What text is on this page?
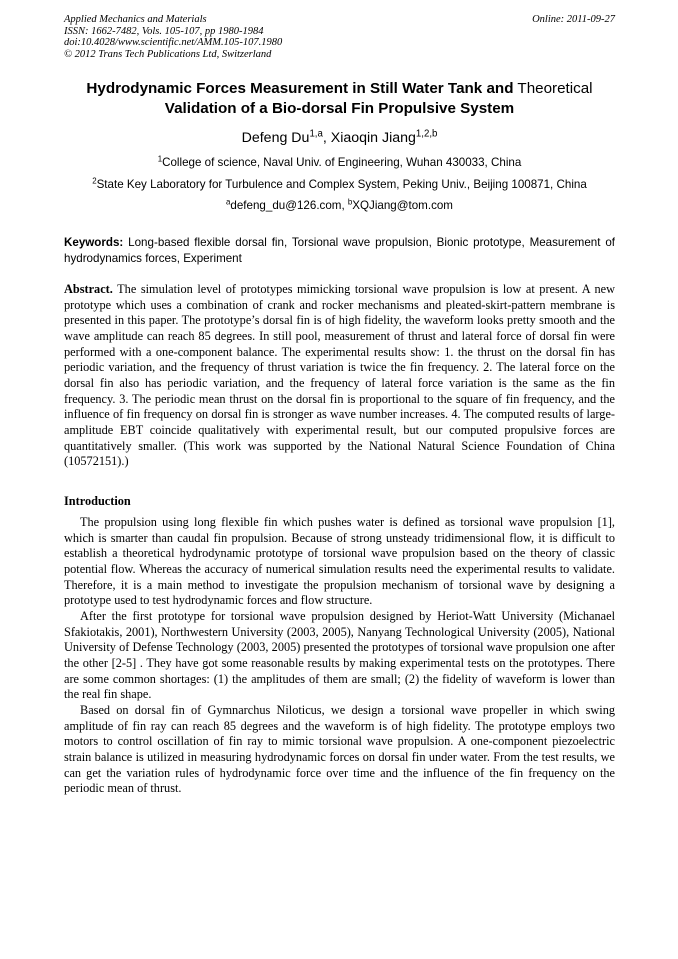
Applied Mechanics and Materials
ISSN: 1662-7482, Vols. 105-107, pp 1980-1984
doi:10.4028/www.scientific.net/AMM.105-107.1980
© 2012 Trans Tech Publications Ltd, Switzerland
Online: 2011-09-27
Hydrodynamic Forces Measurement in Still Water Tank and Theoretical
Validation of a Bio-dorsal Fin Propulsive System
Defeng Du$^{1,a}$, Xiaoqin Jiang$^{1,2,b}$
$^1$College of science, Naval Univ. of Engineering, Wuhan 430033, China
$^2$State Key Laboratory for Turbulence and Complex System, Peking Univ., Beijing 100871, China
$^a$defeng_du@126.com, $^b$XQJiang@tom.com
Keywords: Long-based flexible dorsal fin, Torsional wave propulsion, Bionic prototype, Measurement of hydrodynamics forces, Experiment
Abstract. The simulation level of prototypes mimicking torsional wave propulsion is low at present. A new prototype which uses a combination of crank and rocker mechanisms and pleated-skirt-pattern membrane is presented in this paper. The prototype’s dorsal fin is of high fidelity, the waveform looks pretty smooth and the wave amplitude can reach 85 degrees. In still pool, measurement of thrust and lateral force of dorsal fin were performed with a one-component balance. The experimental results show: 1. the thrust on the dorsal fin has periodic variation, and the frequency of thrust variation is twice the fin frequency. 2. The lateral force on the dorsal fin also has periodic variation, and the frequency of lateral force variation is the same as the fin frequency. 3. The periodic mean thrust on the dorsal fin is proportional to the square of fin frequency, and the influence of fin frequency on dorsal fin is stronger as wave number increases. 4. The computed results of large-amplitude EBT coincide qualitatively with experimental result, but our computed propulsive forces are quantitatively smaller. (This work was supported by the National Natural Science Foundation of China (10572151).)
Introduction

The propulsion using long flexible fin which pushes water is defined as torsional wave propulsion [1], which is smarter than caudal fin propulsion. Because of strong unsteady tridimensional flow, it is difficult to establish a theoretical hydrodynamic prototype of torsional wave propulsion based on the theory of classic potential flow. Whereas the accuracy of numerical simulation results need the experimental results to validate. Therefore, it is a main method to investigate the propulsion mechanism of torsional wave by designing a prototype used to test hydrodynamic forces and flow structure.

After the first prototype for torsional wave propulsion designed by Heriot-Watt University (Michanael Sfakiotakis, 2001), Northwestern University (2003, 2005), Nanyang Technological University (2005), National University of Defense Technology (2003, 2005) presented the prototypes of torsional wave propulsion one after the other [2-5] . They have got some reasonable results by making experimental tests on the prototypes. There are some common shortages: (1) the amplitudes of them are small; (2) the fidelity of waveform is lower than the real fin shape.

Based on dorsal fin of Gymnarchus Niloticus, we design a torsional wave propeller in which swing amplitude of fin ray can reach 85 degrees and the waveform is of high fidelity. The prototype employs two motors to control oscillation of fin ray to mimic torsional wave propulsion. A one-component piezoelectric strain balance is utilized in measuring hydrodynamic forces on dorsal fin under water. From the test results, we can get the variation rules of hydrodynamic force over time and the influence of the fin frequency on the periodic mean of thrust.
